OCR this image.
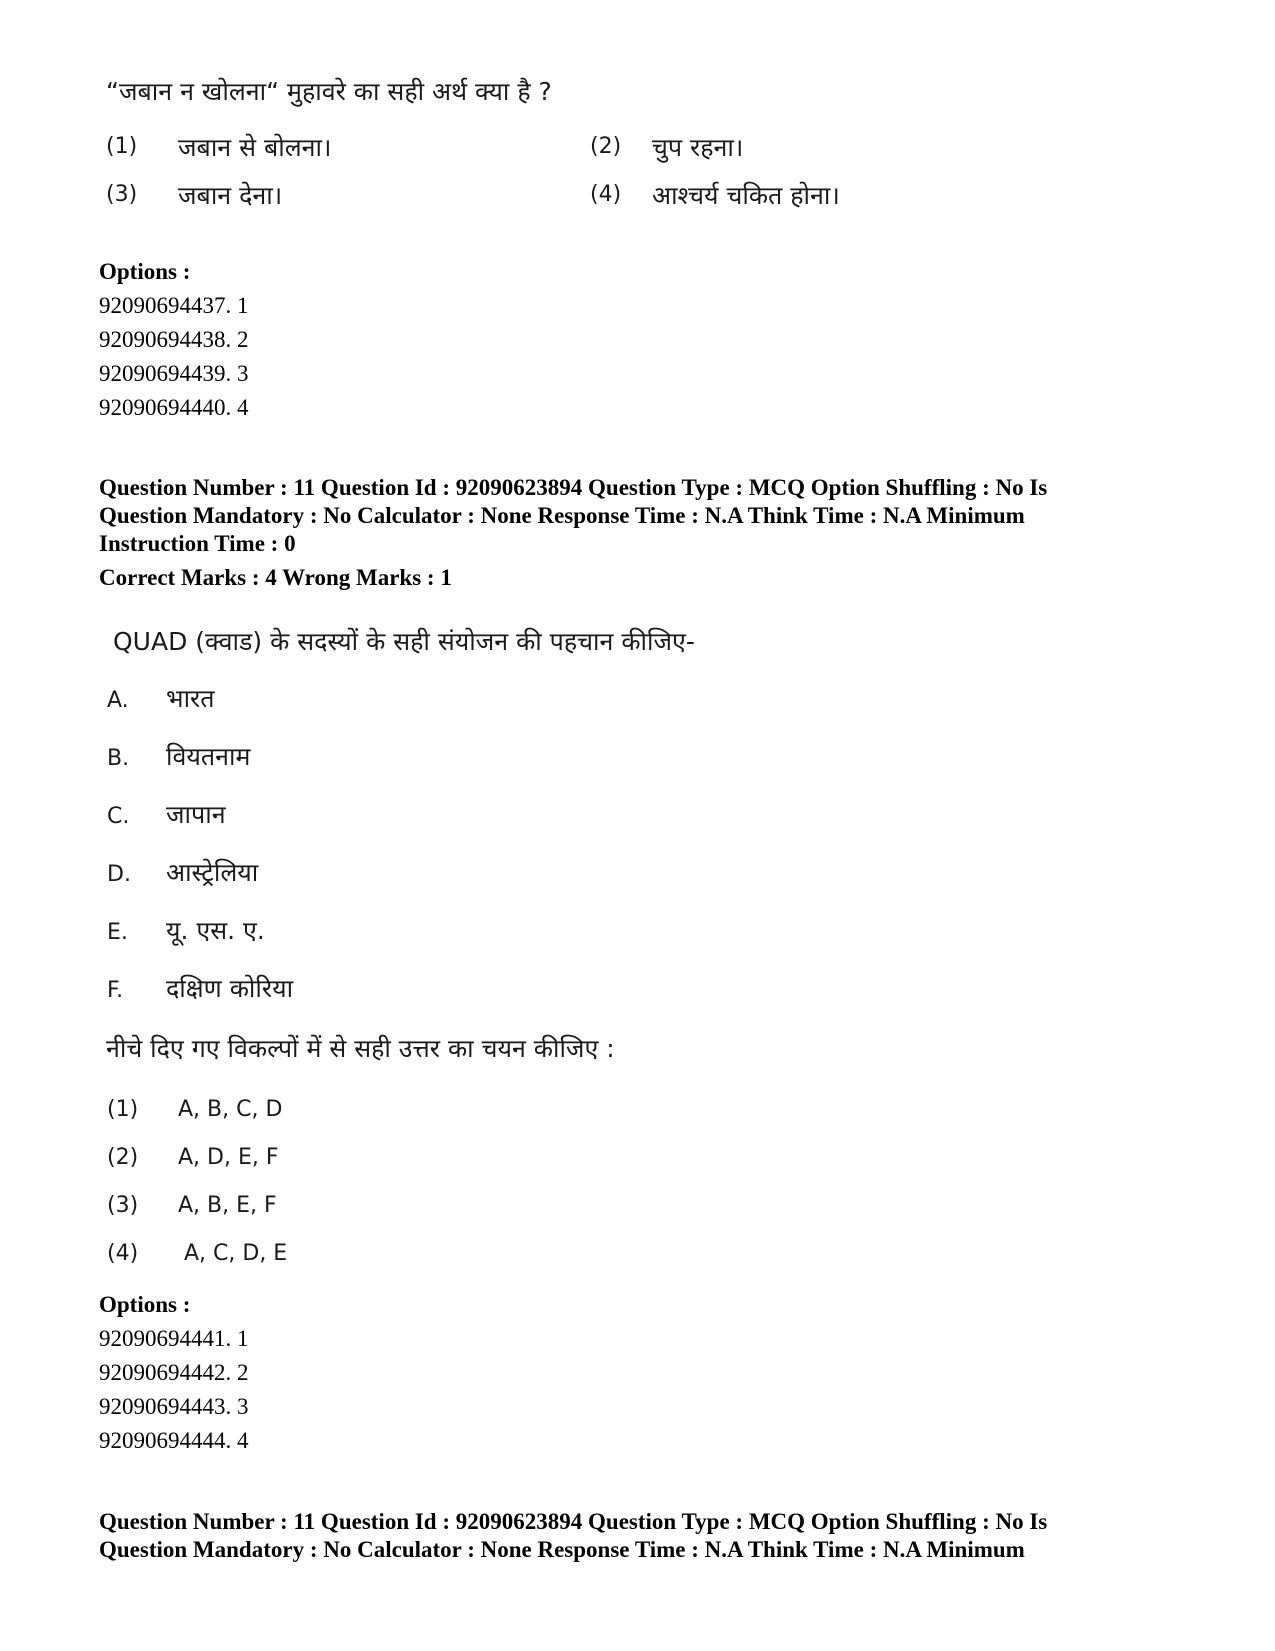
“जबान न खोलना“ मुहावरे का सही अर्थ क्या है ?
(1) जबान से बोलना।	(2) चुप रहना।
(3) जबान देना।	(4) आश्चर्य चकित होना।
Options :
92090694437. 1
92090694438. 2
92090694439. 3
92090694440. 4
Question Number : 11 Question Id : 92090623894 Question Type : MCQ Option Shuffling : No Is
Question Mandatory : No Calculator : None Response Time : N.A Think Time : N.A Minimum
Instruction Time : 0
Correct Marks : 4 Wrong Marks : 1
QUAD (क्वाड) के सदस्यों के सही संयोजन की पहचान कीजिए-
A. भारत
B. वियतनाम
C. जापान
D. आस्ट्रेलिया
E. यू. एस. ए.
F. दक्षिण कोरिया
नीचे दिए गए विकल्पों में से सही उत्तर का चयन कीजिए :
(1) A, B, C, D
(2) A, D, E, F
(3) A, B, E, F
(4) A, C, D, E
Options :
92090694441. 1
92090694442. 2
92090694443. 3
92090694444. 4
Question Number : 11 Question Id : 92090623894 Question Type : MCQ Option Shuffling : No Is
Question Mandatory : No Calculator : None Response Time : N.A Think Time : N.A Minimum
